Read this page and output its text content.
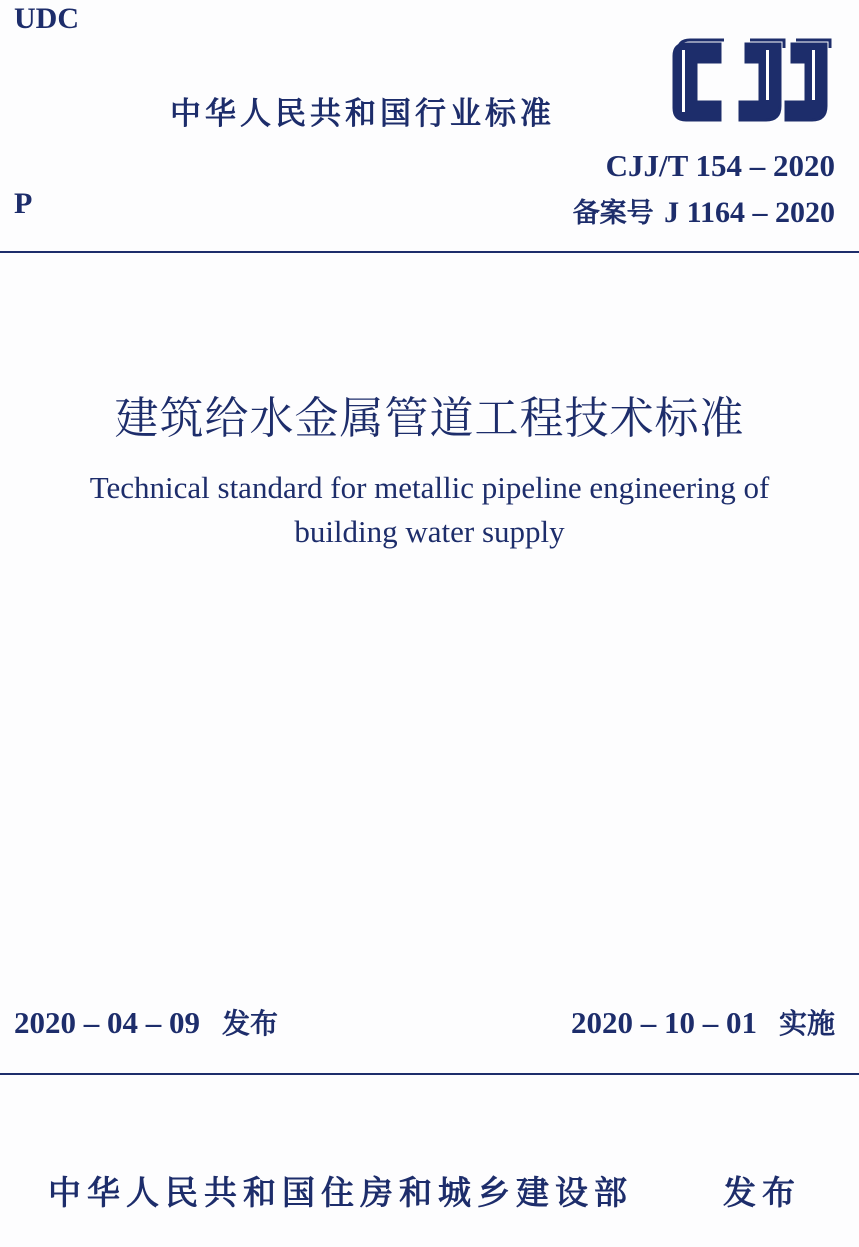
UDC
中华人民共和国行业标准
P
CJJ/T 154 – 2020
备案号 J 1164 – 2020
建筑给水金属管道工程技术标准
Technical standard for metallic pipeline engineering of
building water supply
2020 – 04 – 09 发布	2020 – 10 – 01 实施
中华人民共和国住房和城乡建设部	发布
